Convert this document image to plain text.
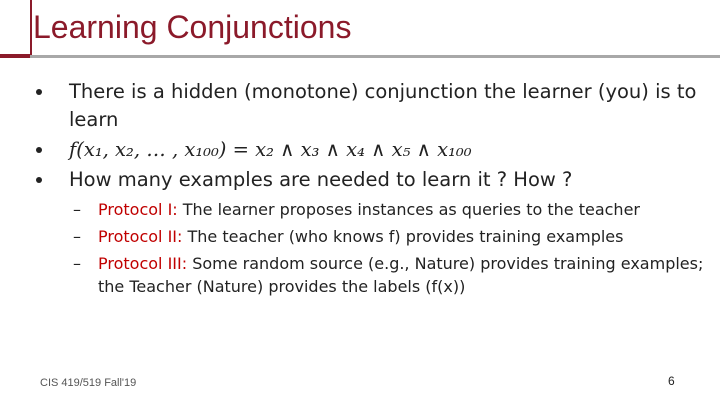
Learning Conjunctions
There is a hidden (monotone) conjunction the learner (you) is to learn
f(x₁, x₂, … , x₁₀₀) = x₂ ∧ x₃ ∧ x₄ ∧ x₅ ∧ x₁₀₀
How many examples are needed to learn it ? How ?
– Protocol I: The learner proposes instances as queries to the teacher
– Protocol II: The teacher (who knows f) provides training examples
– Protocol III: Some random source (e.g., Nature) provides training examples; the Teacher (Nature) provides the labels (f(x))
CIS 419/519 Fall'19	6
